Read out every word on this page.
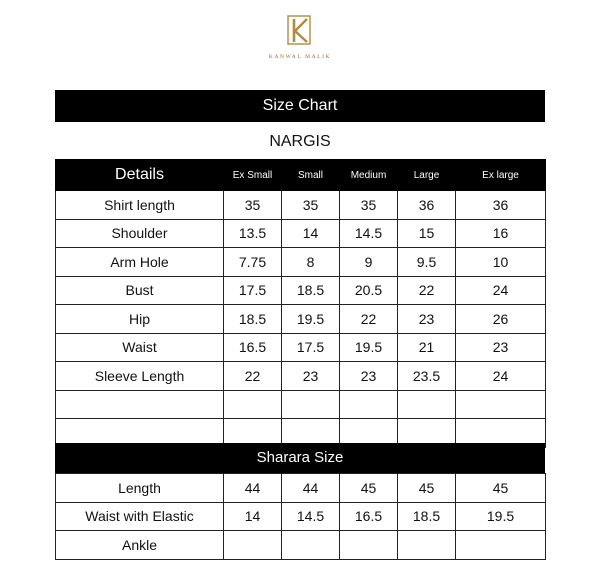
KANWAL MALIK
Size Chart
NARGIS
Details	Ex Small	Small	Medium	Large	Ex large
Shirt length	35	35	35	36	36
Shoulder	13.5	14	14.5	15	16
Arm Hole	7.75	8	9	9.5	10
Bust	17.5	18.5	20.5	22	24
Hip	18.5	19.5	22	23	26
Waist	16.5	17.5	19.5	21	23
Sleeve Length	22	23	23	23.5	24

Sharara Size
Length	44	44	45	45	45
Waist with Elastic	14	14.5	16.5	18.5	19.5
Ankle					
